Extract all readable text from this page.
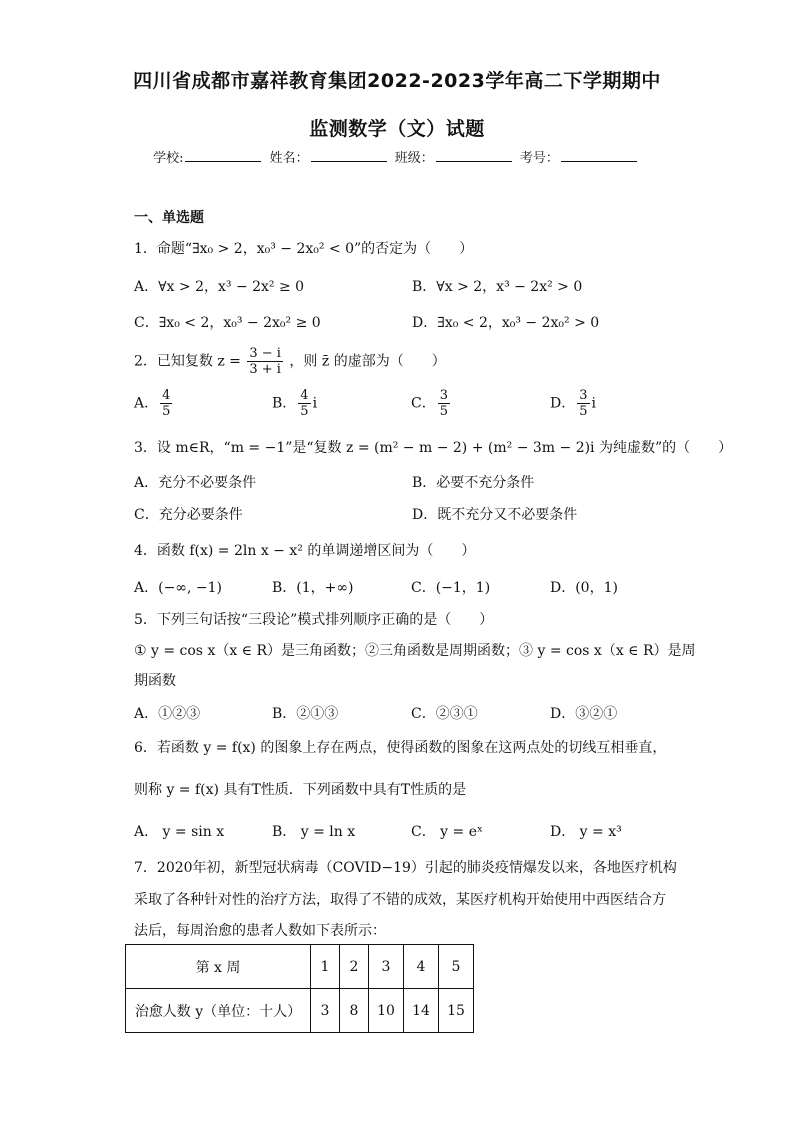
四川省成都市嘉祥教育集团2022-2023学年高二下学期期中
监测数学（文）试题
学校:	姓名：	班级：	考号：
一、单选题
1．命题“∃x₀ > 2，x₀³ − 2x₀² < 0”的否定为（　　）
A．∀x > 2，x³ − 2x² ≥ 0	B．∀x > 2，x³ − 2x² > 0
C．∃x₀ < 2，x₀³ − 2x₀² ≥ 0	D．∃x₀ < 2，x₀³ − 2x₀² > 0
2．已知复数 $z = \frac{3 - i}{3 + i}$ ，则 z̄ 的虚部为（　　）
A． $\frac{4}{5}$	B． $\frac{4}{5}$ i	C． $\frac{3}{5}$	D． $\frac{3}{5}$ i
3．设 m∈R，“m = −1”是“复数 z = (m² − m − 2) + (m² − 3m − 2)i 为纯虚数”的（　　）
A．充分不必要条件	B．必要不充分条件
C．充分必要条件	D．既不充分又不必要条件
4．函数 f(x) = 2ln x − x² 的单调递增区间为（　　）
A．(−∞, −1)	B．(1，+∞)	C．(−1，1)	D．(0，1)
5．下列三句话按“三段论”模式排列顺序正确的是（　　）
① y = cos x（x ∈ R）是三角函数；②三角函数是周期函数；③ y = cos x（x ∈ R）是周
期函数
A．①②③	B．②①③	C．②③①	D．③②①
6．若函数 y = f(x) 的图象上存在两点，使得函数的图象在这两点处的切线互相垂直，
则称 y = f(x) 具有T性质．下列函数中具有T性质的是
A． y = sin x	B． y = ln x	C． y = eˣ	D． y = x³
7．2020年初，新型冠状病毒（COVID−19）引起的肺炎疫情爆发以来，各地医疗机构
采取了各种针对性的治疗方法，取得了不错的成效，某医疗机构开始使用中西医结合方
法后，每周治愈的患者人数如下表所示：
第 x 周	1	2	3	4	5
治愈人数 y（单位：十人）	3	8	10	14	15
